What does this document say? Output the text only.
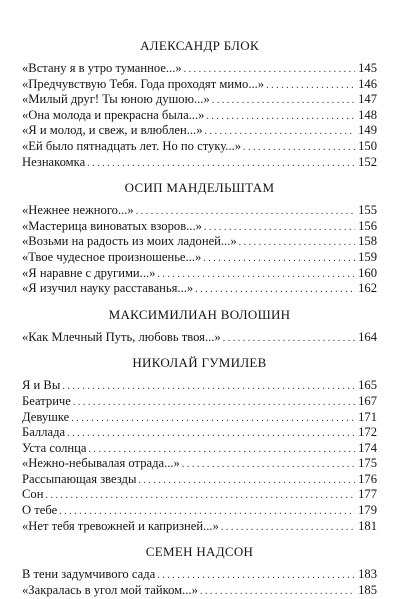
АЛЕКСАНДР БЛОК
«Встану я в утро туманное...» . . .	145
«Предчувствую Тебя. Года проходят мимо...» . . .	146
«Милый друг! Ты юною душою...» . . .	147
«Она молода и прекрасна была...» . . .	148
«Я и молод, и свеж, и влюблен...» . . .	149
«Ей было пятнадцать лет. Но по стуку...» . . .	150
Незнакомка . . .	152
ОСИП МАНДЕЛЬШТАМ
«Нежнее нежного...» . . .	155
«Мастерица виноватых взоров...» . . .	156
«Возьми на радость из моих ладоней...» . . .	158
«Твое чудесное произношенье...» . . .	159
«Я наравне с другими...» . . .	160
«Я изучил науку расставанья...» . . .	162
МАКСИМИЛИАН ВОЛОШИН
«Как Млечный Путь, любовь твоя...» . . .	164
НИКОЛАЙ ГУМИЛЕВ
Я и Вы . . .	165
Беатриче . . .	167
Девушке . . .	171
Баллада . . .	172
Уста солнца . . .	174
«Нежно-небывалая отрада...» . . .	175
Рассыпающая звезды . . .	176
Сон . . .	177
О тебе . . .	179
«Нет тебя тревожней и капризней...» . . .	181
СЕМЕН НАДСОН
В тени задумчивого сада . . .	183
«Закралась в угол мой тайком...» . . .	185
